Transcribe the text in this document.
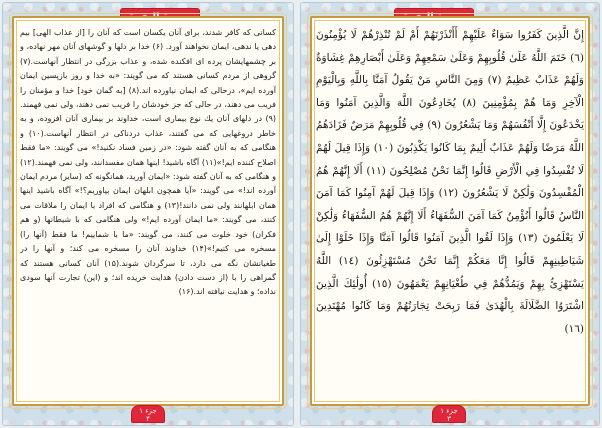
كسانى كه كافر شدند، براى آنان يكسان است كه آنان را [از عذاب الهى] بيم دهى يا ندهى، ايمان نخواهند آورد. (۶) خدا بر دلها و گوشهاى آنان مهر نهاده، و بر چشمهايشان پرده اى افكنده شده، و عذاب بزرگى در انتظار آنهاست.(۷) گروهى از مردم كسانى هستند كه مى گويند: «به خدا و روز بازپسين ايمان آورده ايم»، درحالى كه ايمان نياورده اند.(۸) [به گمان خود] خدا و مؤمنان را فريب مى دهند، در حالى كه جز خودشان را فريب نمى دهند، ولى نمى فهمند.(۹) در دلهاى آنان يك نوع بيمارى است، خداوند بر بيمارى آنان افزوده، و به خاطر دروغهايى كه مى گفتند، عذاب دردناكى در انتظار آنهاست.(۱۰) و هنگامى كه به آنان گفته شود: «در زمين فساد نكنيد!» مى گويند: «ما فقط اصلاح كننده ايم!»(۱۱) آگاه باشيد! اينها همان مفسدانند، ولى نمى فهمند.(۱۲) و هنگامى كه به آنان گفته شود: «ايمان آوريد، همانگونه كه (ساير) مردم ايمان آورده اند!» مى گويند: «آيا همچون ابلهان ايمان بياوريم؟!» آگاه باشيد اينها همان ابلهانند ولى نمى دانند!(۱۳) و هنگامى كه افراد با ايمان را ملاقات مى كنند، مى گويند: «ما ايمان آورده ايم!» ولى هنگامى كه با شيطانها (و هم فكران) خود خلوت مى كنند، مى گويند: «ما با شماييم! ما فقط (آنها را) مسخره مى كنيم!»(۱۴) خداوند آنان را مسخره مى كند؛ و آنها را در طغيانشان نگه مى دارد، تا سرگردان شوند.(۱۵) آنان كسانى هستند كه گمراهى را با (از دست دادن) هدايت خريده اند؛ و (اين) تجارت آنها سودى نداده؛ و هدايت نيافته اند.(۱۶)
جزء ۱
۴

إِنَّ الَّذِينَ كَفَرُوا سَوَاءٌ عَلَيْهِمْ أَأَنْذَرْتَهُمْ أَمْ لَمْ تُنْذِرْهُمْ لَا يُؤْمِنُونَ (٦) خَتَمَ اللَّهُ عَلَىٰ قُلُوبِهِمْ وَعَلَىٰ سَمْعِهِمْ وَعَلَىٰ أَبْصَارِهِمْ غِشَاوَةٌ وَلَهُمْ عَذَابٌ عَظِيمٌ (٧) وَمِنَ النَّاسِ مَنْ يَقُولُ آمَنَّا بِاللَّهِ وَبِالْيَوْمِ الْآخِرِ وَمَا هُمْ بِمُؤْمِنِينَ (٨) يُخَادِعُونَ اللَّهَ وَالَّذِينَ آمَنُوا وَمَا يَخْدَعُونَ إِلَّا أَنْفُسَهُمْ وَمَا يَشْعُرُونَ (٩) فِي قُلُوبِهِمْ مَرَضٌ فَزَادَهُمُ اللَّهُ مَرَضًا وَلَهُمْ عَذَابٌ أَلِيمٌ بِمَا كَانُوا يَكْذِبُونَ (١٠) وَإِذَا قِيلَ لَهُمْ لَا تُفْسِدُوا فِي الْأَرْضِ قَالُوا إِنَّمَا نَحْنُ مُصْلِحُونَ (١١) أَلَا إِنَّهُمْ هُمُ الْمُفْسِدُونَ وَلَٰكِنْ لَا يَشْعُرُونَ (١٢) وَإِذَا قِيلَ لَهُمْ آمِنُوا كَمَا آمَنَ النَّاسُ قَالُوا أَنُؤْمِنُ كَمَا آمَنَ السُّفَهَاءُ أَلَا إِنَّهُمْ هُمُ السُّفَهَاءُ وَلَٰكِنْ لَا يَعْلَمُونَ (١٣) وَإِذَا لَقُوا الَّذِينَ آمَنُوا قَالُوا آمَنَّا وَإِذَا خَلَوْا إِلَىٰ شَيَاطِينِهِمْ قَالُوا إِنَّا مَعَكُمْ إِنَّمَا نَحْنُ مُسْتَهْزِئُونَ (١٤) اللَّهُ يَسْتَهْزِئُ بِهِمْ وَيَمُدُّهُمْ فِي طُغْيَانِهِمْ يَعْمَهُونَ (١٥) أُولَٰئِكَ الَّذِينَ اشْتَرَوُا الضَّلَالَةَ بِالْهُدَىٰ فَمَا رَبِحَتْ تِجَارَتُهُمْ وَمَا كَانُوا مُهْتَدِينَ (١٦)

جزء ۱
۳
